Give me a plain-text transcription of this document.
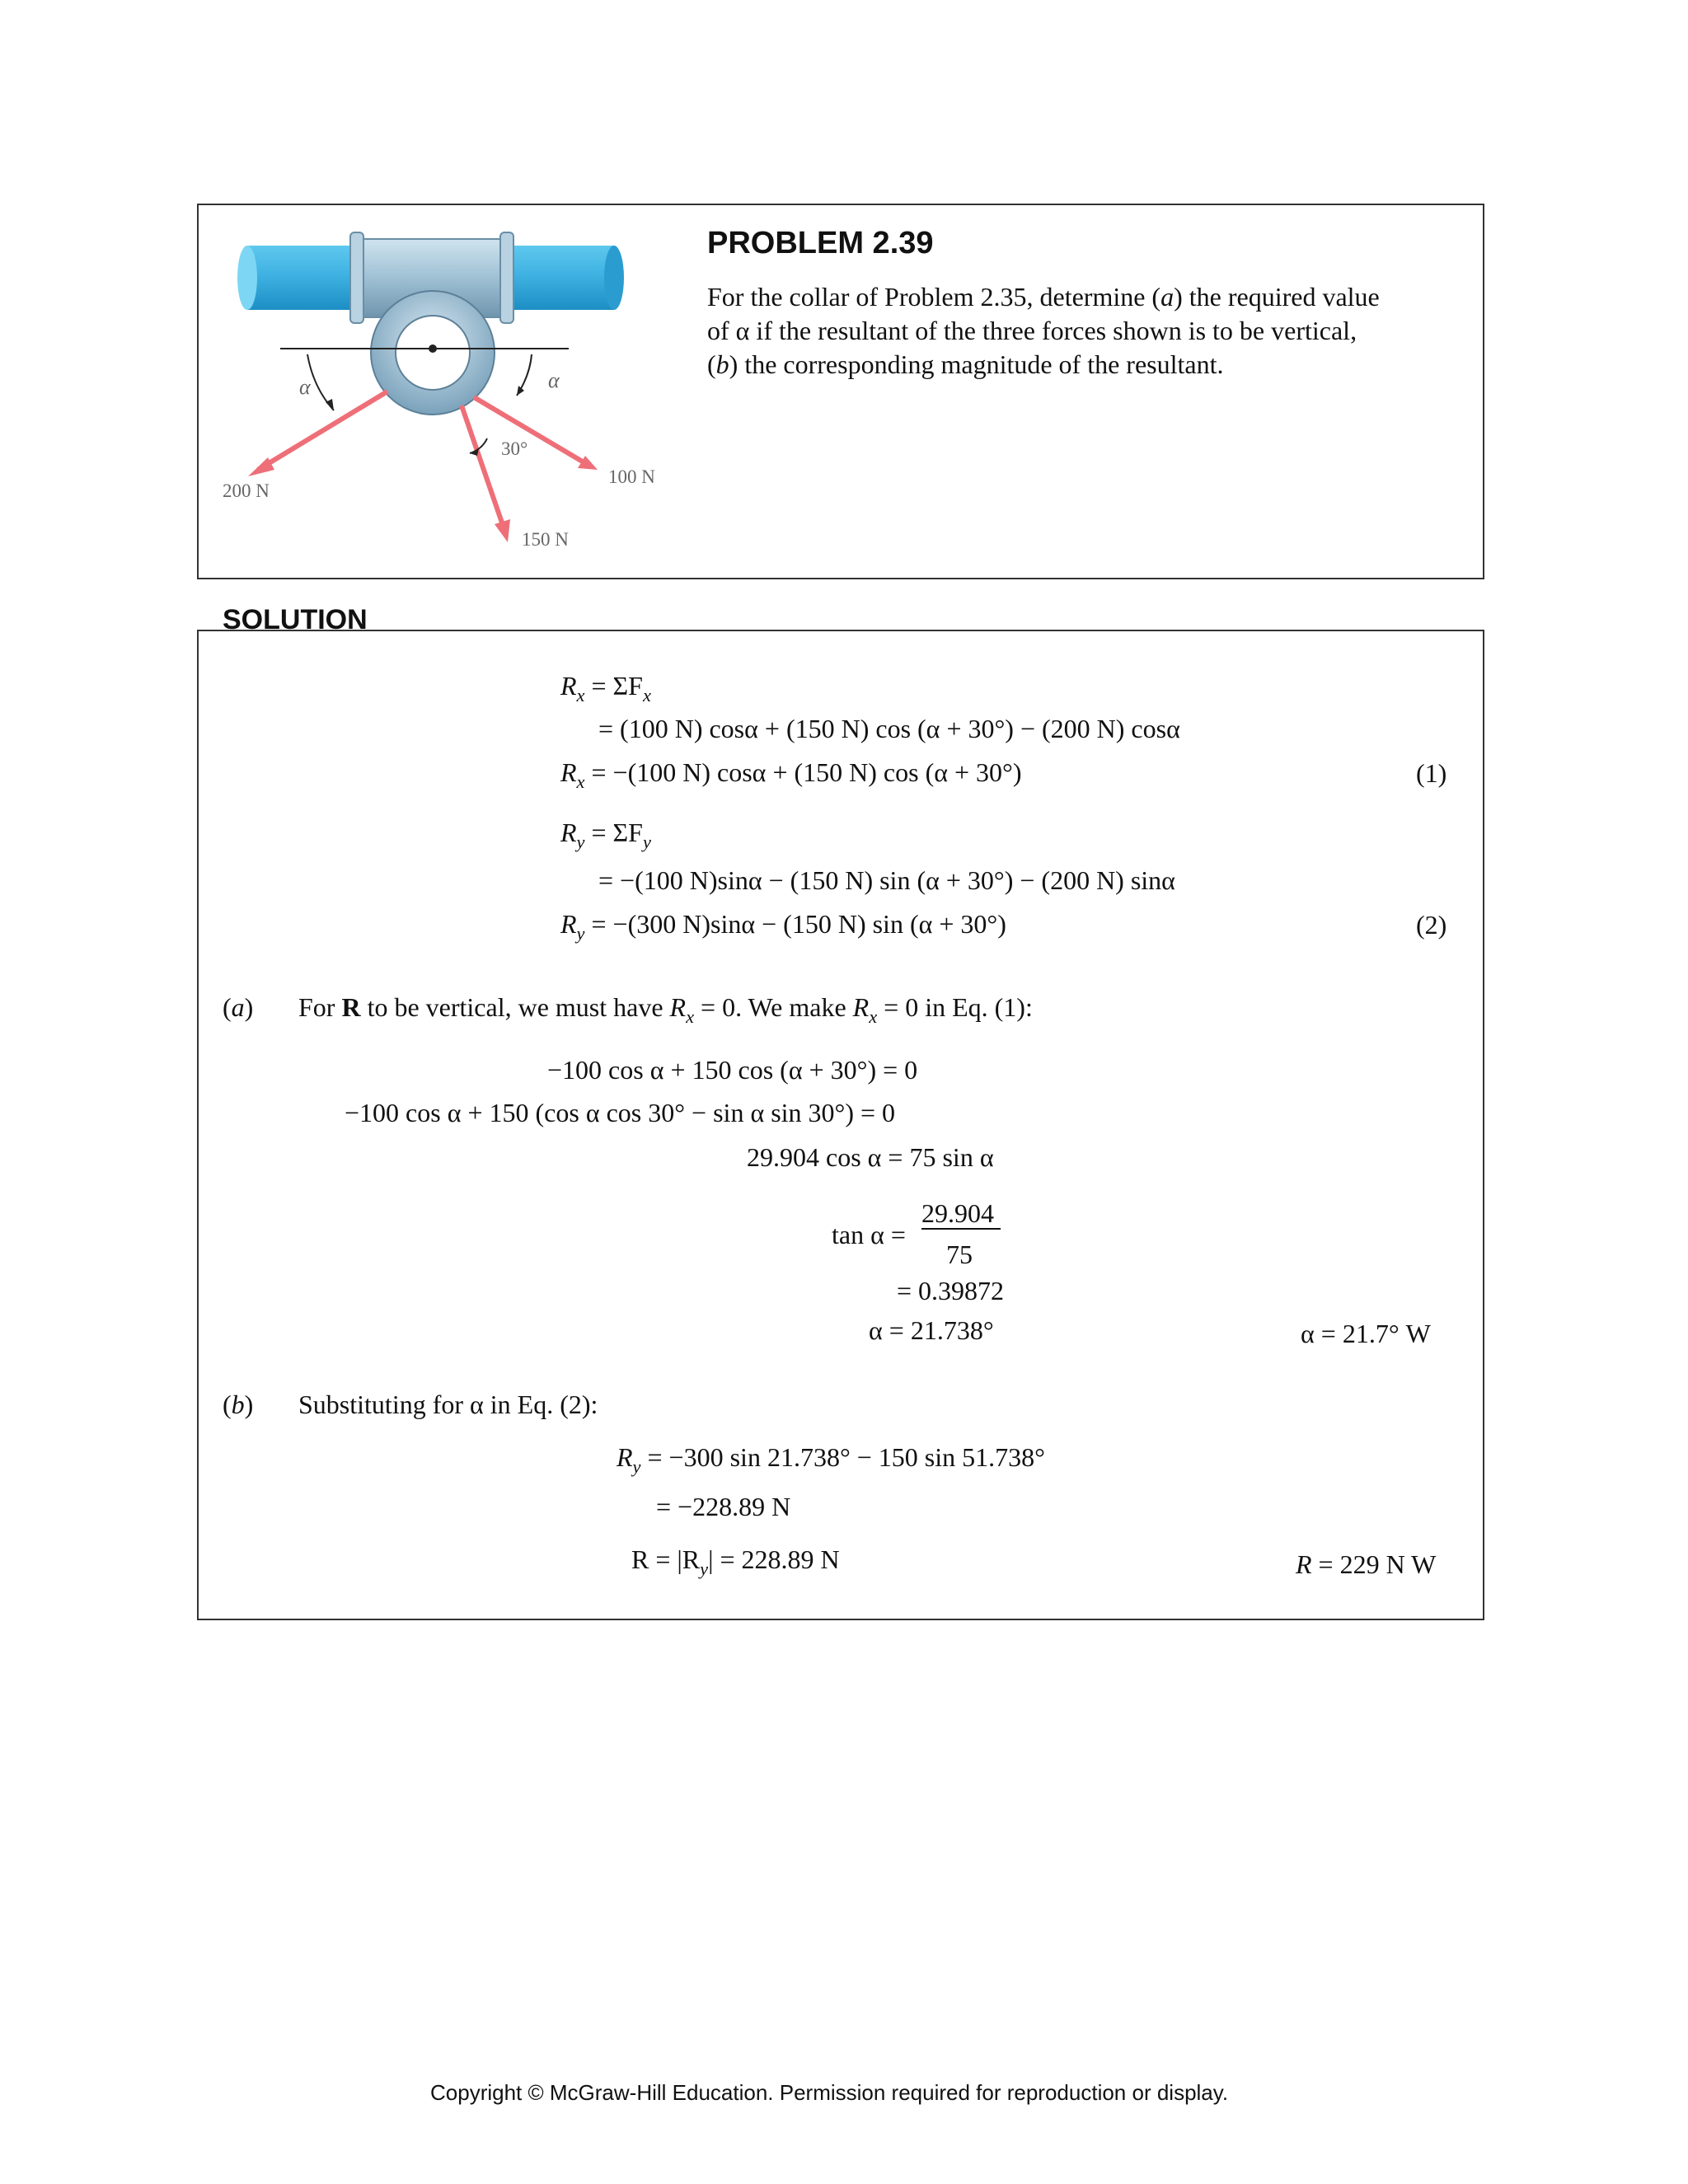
α	α
30°
200 N
150 N
100 N
PROBLEM 2.39
For the collar of Problem 2.35, determine (a) the required value
of α if the resultant of the three forces shown is to be vertical,
(b) the corresponding magnitude of the resultant.
SOLUTION
$R_x = \Sigma F_x$
= (100 N) cosα + (150 N) cos (α + 30°) − (200 N) cosα
$R_x = -(100$ N) cosα + (150 N) cos (α + 30°)	(1)
$R_y = \Sigma F_y$
= −(100 N)sinα − (150 N) sin (α + 30°) − (200 N) sinα
$R_y = -(300$ N)sinα − (150 N) sin (α + 30°)	(2)
(a) For R to be vertical, we must have $R_x = 0$. We make $R_x = 0$ in Eq. (1):
−100 cos α + 150 cos (α + 30°) = 0
−100 cos α + 150 (cos α cos 30° − sin α sin 30°) = 0
29.904 cos α = 75 sin α
tan α =
29.904
75
= 0.39872
α = 21.738°	α = 21.7° W
(b) Substituting for α in Eq. (2):
$R_y = -300$ sin 21.738° − 150 sin 51.738°
= −228.89 N
$R = |R_y| = 228.89$ N	R = 229 N W
Copyright © McGraw-Hill Education. Permission required for reproduction or display.
